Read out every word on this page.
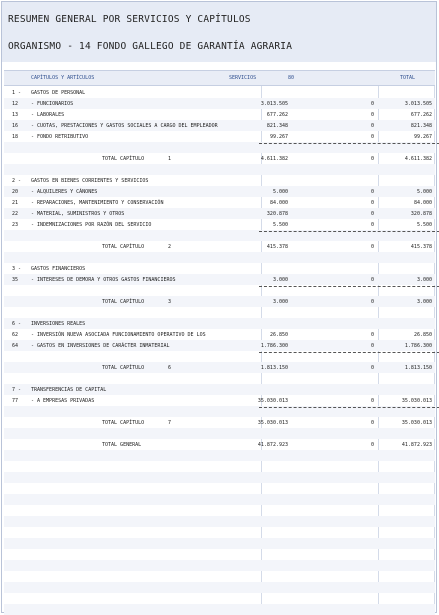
RESUMEN GENERAL POR SERVICIOS Y CAPÍTULOS
ORGANISMO - 14 FONDO GALLEGO DE GARANTÍA AGRARIA
CAPÍTULOS Y ARTÍCULOS	SERVICIOS	80	TOTAL
1 - GASTOS DE PERSONAL
12	- FUNCIONARIOS	3.013.505	0	3.013.505
13	- LABORALES	677.262	0	677.262
16	- CUOTAS, PRESTACIONES Y GASTOS SOCIALES A CARGO DEL EMPLEADOR	821.348	0	821.348
18	- FONDO RETRIBUTIVO	99.267	0	99.267
TOTAL CAPÍTULO	1	4.611.382	0	4.611.382
2 - GASTOS EN BIENES CORRIENTES Y SERVICIOS
20	- ALQUILERES Y CÁNONES	5.000	0	5.000
21	- REPARACIONES, MANTENIMIENTO Y CONSERVACIÓN	84.000	0	84.000
22	- MATERIAL, SUMINISTROS Y OTROS	320.878	0	320.878
23	- INDEMNIZACIONES POR RAZÓN DEL SERVICIO	5.500	0	5.500
TOTAL CAPÍTULO	2	415.378	0	415.378
3 - GASTOS FINANCIEROS
35	- INTERESES DE DEMORA Y OTROS GASTOS FINANCIEROS	3.000	0	3.000
TOTAL CAPÍTULO	3	3.000	0	3.000
6 - INVERSIONES REALES
62	- INVERSIÓN NUEVA ASOCIADA FUNCIONAMIENTO OPERATIVO DE LOS	26.850	0	26.850
64	- GASTOS EN INVERSIONES DE CARÁCTER INMATERIAL	1.786.300	0	1.786.300
TOTAL CAPÍTULO	6	1.813.150	0	1.813.150
7 - TRANSFERENCIAS DE CAPITAL
77	- A EMPRESAS PRIVADAS	35.030.013	0	35.030.013
TOTAL CAPÍTULO	7	35.030.013	0	35.030.013
TOTAL GENERAL	41.872.923	0	41.872.923
